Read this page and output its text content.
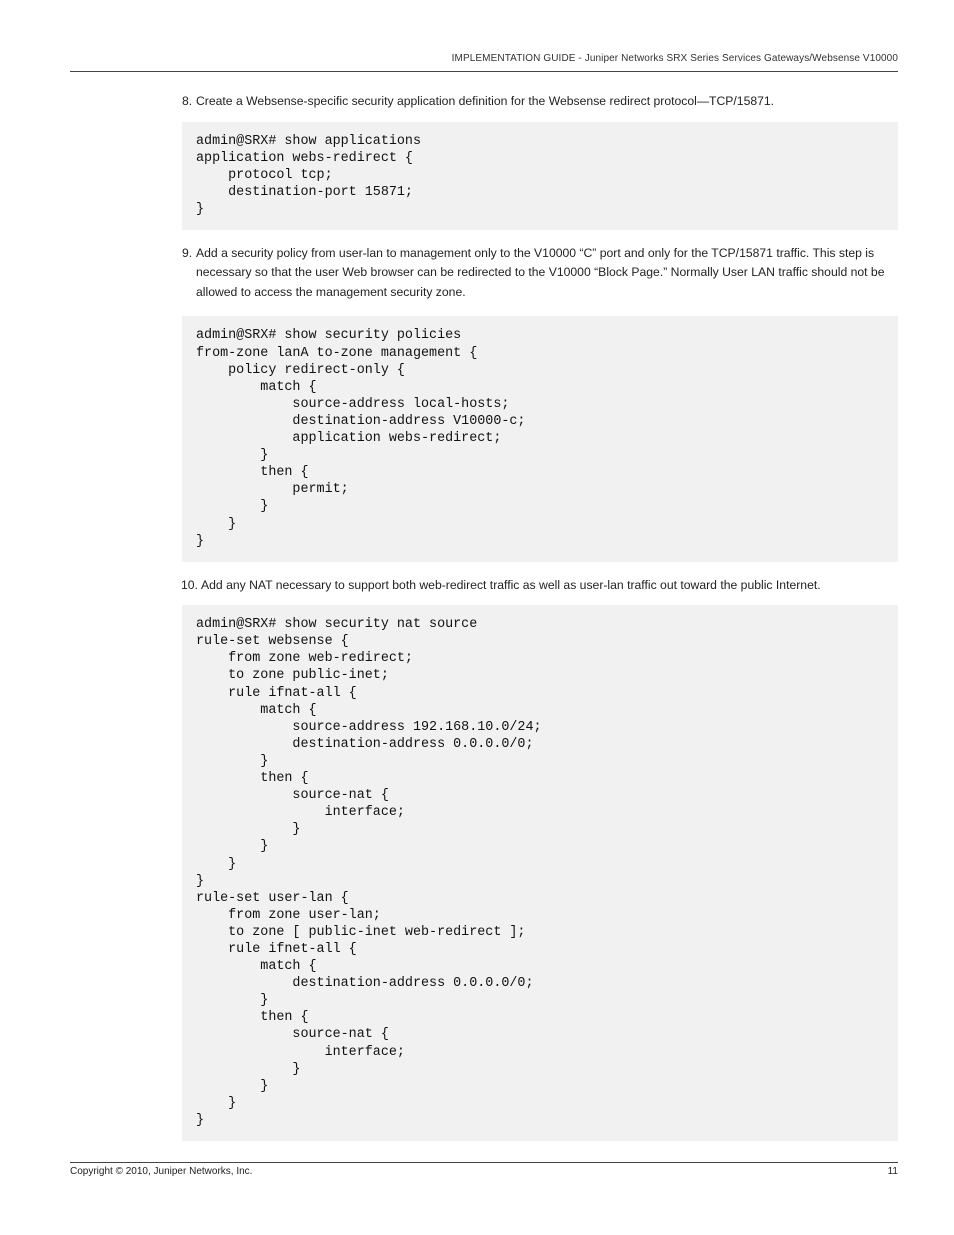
IMPLEMENTATION GUIDE - Juniper Networks SRX Series Services Gateways/Websense V10000
8. Create a Websense-specific security application definition for the Websense redirect protocol—TCP/15871.
admin@SRX# show applications
application webs-redirect {
protocol tcp;
destination-port 15871;
}
9. Add a security policy from user-lan to management only to the V10000 “C” port and only for the TCP/15871 traffic. This step is necessary so that the user Web browser can be redirected to the V10000 “Block Page.” Normally User LAN traffic should not be allowed to access the management security zone.
admin@SRX# show security policies
from-zone lanA to-zone management {
policy redirect-only {
match {
source-address local-hosts;
destination-address V10000-c;
application webs-redirect;
}
then {
permit;
}
}
}
10. Add any NAT necessary to support both web-redirect traffic as well as user-lan traffic out toward the public Internet.
admin@SRX# show security nat source
rule-set websense {
from zone web-redirect;
to zone public-inet;
rule ifnat-all {
match {
source-address 192.168.10.0/24;
destination-address 0.0.0.0/0;
}
then {
source-nat {
interface;
}
}
}
}
rule-set user-lan {
from zone user-lan;
to zone [ public-inet web-redirect ];
rule ifnet-all {
match {
destination-address 0.0.0.0/0;
}
then {
source-nat {
interface;
}
}
}
}
Copyright © 2010, Juniper Networks, Inc.	11
